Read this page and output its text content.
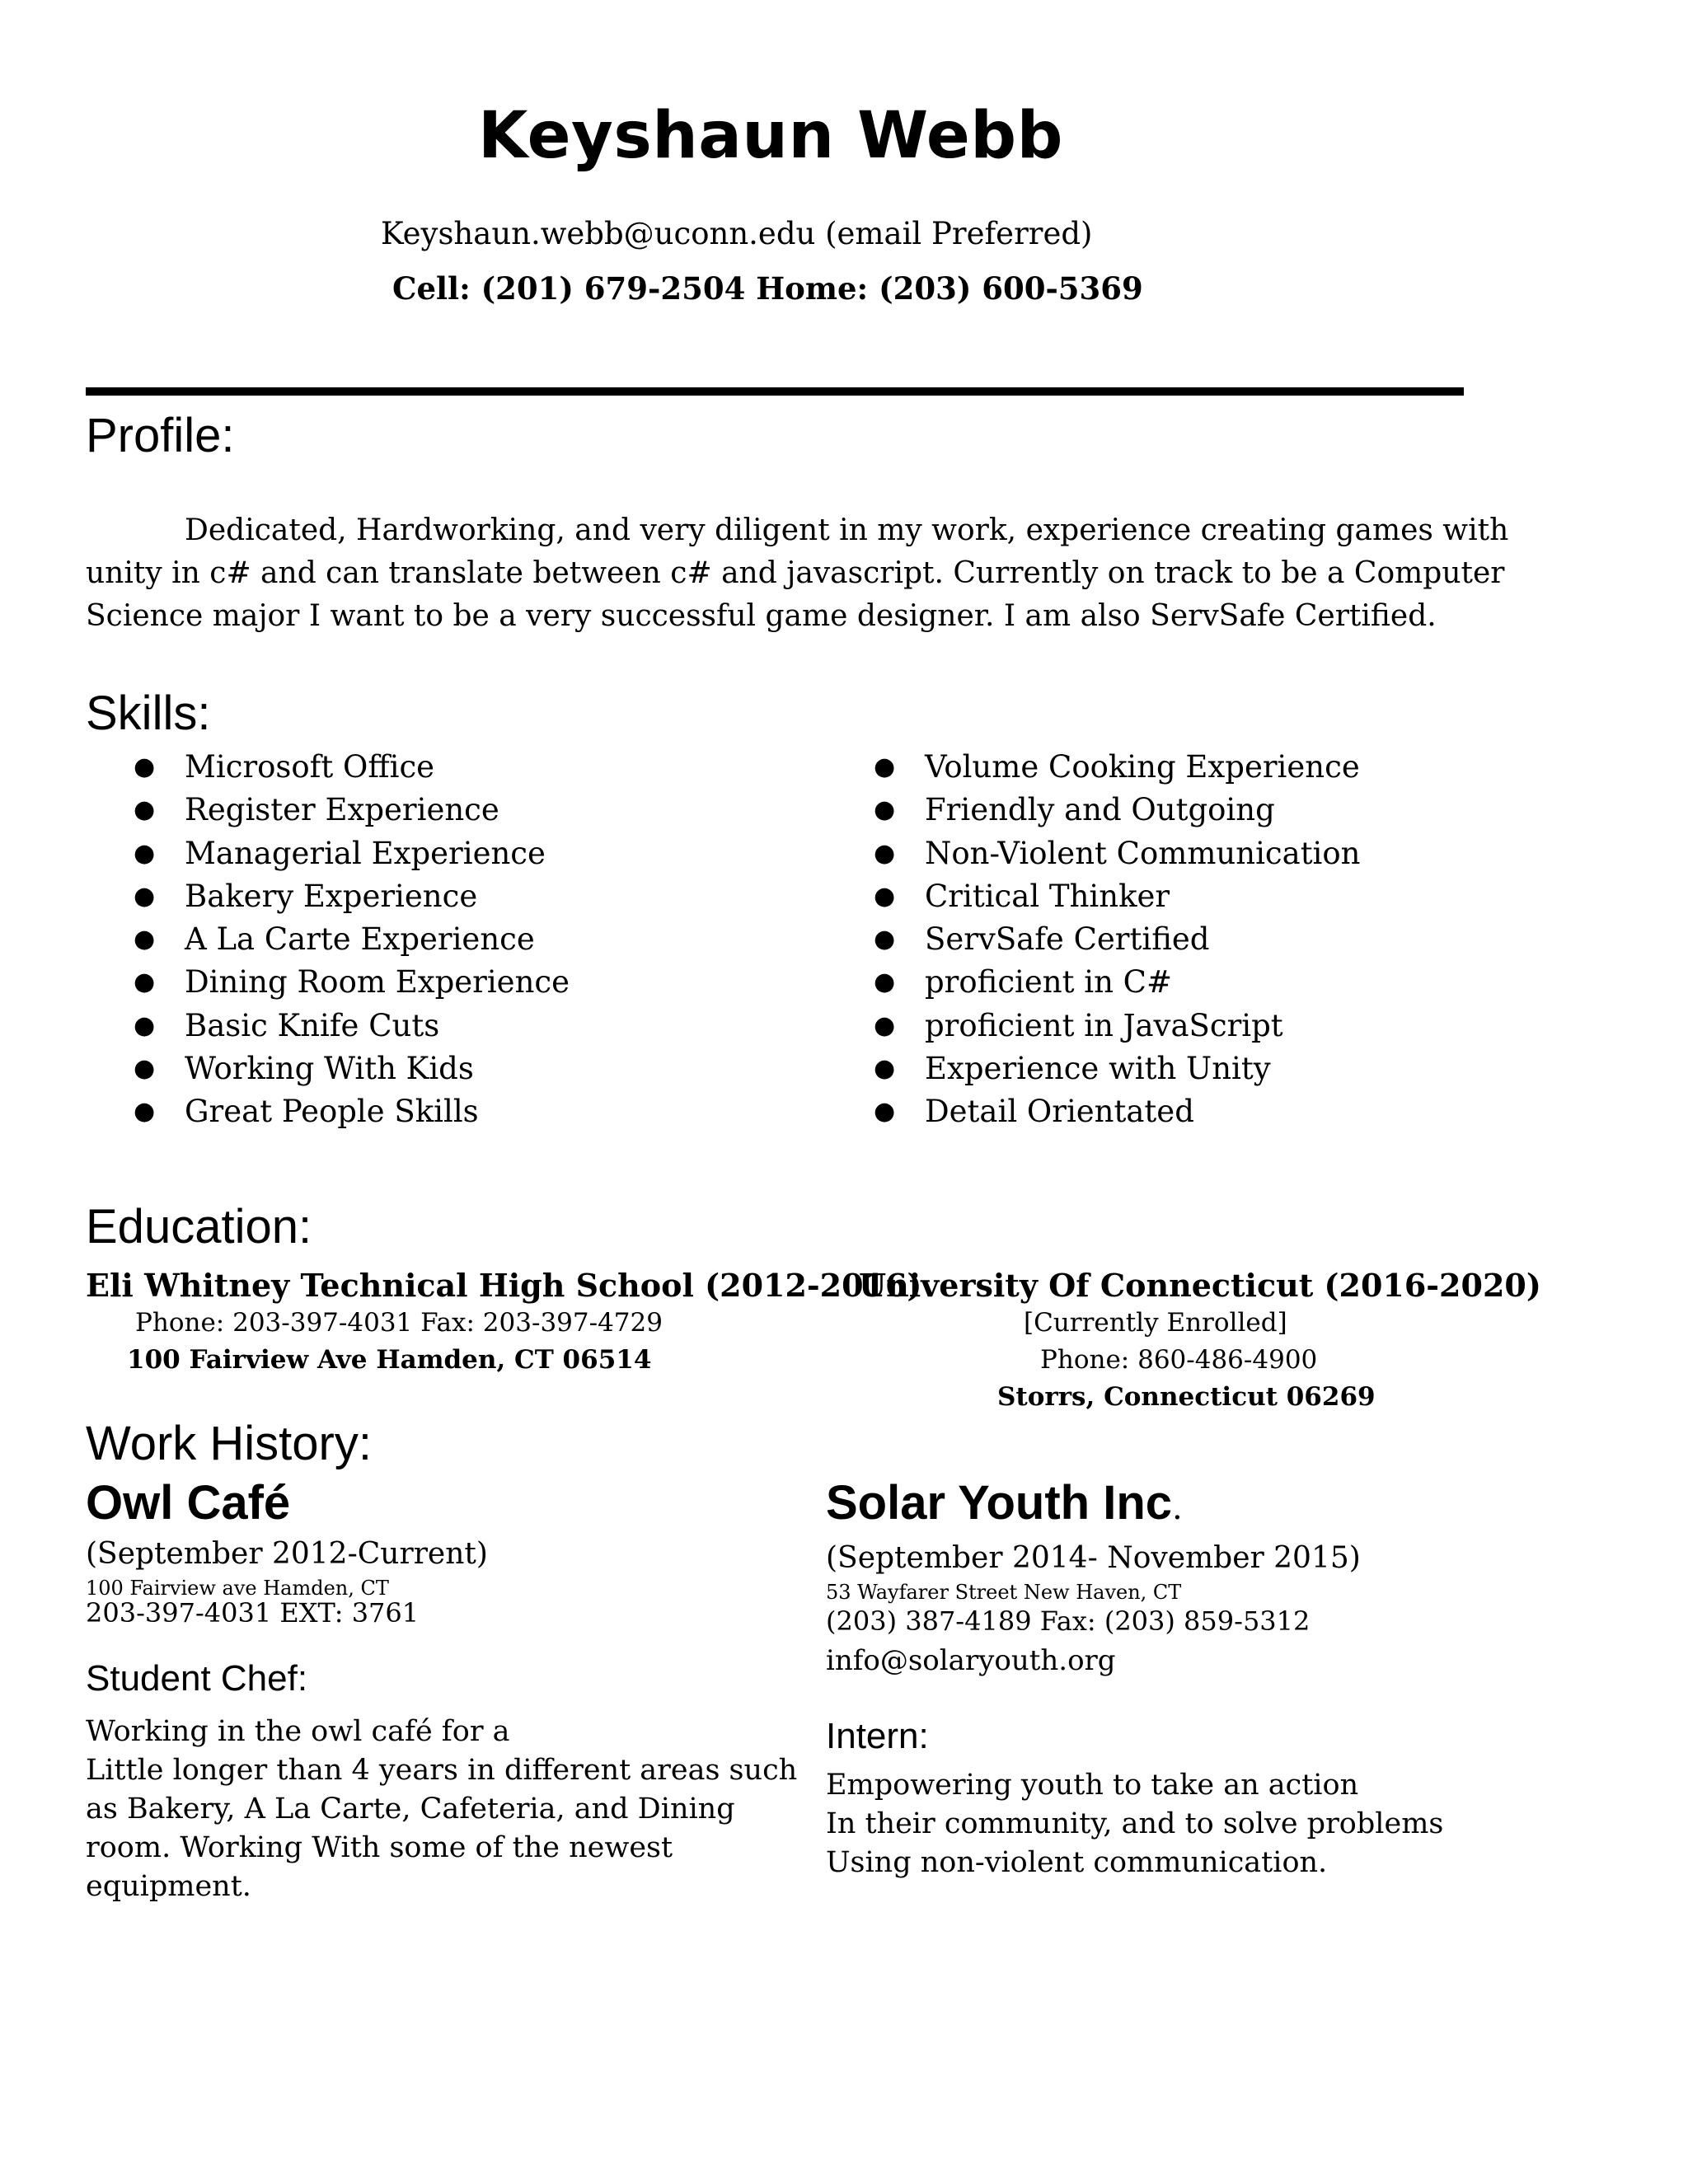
Keyshaun Webb
Keyshaun.webb@uconn.edu (email Preferred)
Cell: (201) 679-2504 Home: (203) 600-5369
Profile:
Dedicated, Hardworking, and very diligent in my work, experience creating games with
unity in c# and can translate between c# and javascript. Currently on track to be a Computer
Science major I want to be a very successful game designer. I am also ServSafe Certified.
Skills:
● Microsoft Office
● Register Experience
● Managerial Experience
● Bakery Experience
● A La Carte Experience
● Dining Room Experience
● Basic Knife Cuts
● Working With Kids
● Great People Skills
● Volume Cooking Experience
● Friendly and Outgoing
● Non-Violent Communication
● Critical Thinker
● ServSafe Certified
● proficient in C#
● proficient in JavaScript
● Experience with Unity
● Detail Orientated
Education:
Eli Whitney Technical High School (2012-2016)
Phone: 203-397-4031 Fax: 203-397-4729
100 Fairview Ave Hamden, CT 06514
University Of Connecticut (2016-2020)
[Currently Enrolled]
Phone: 860-486-4900
Storrs, Connecticut 06269
Work History:
Owl Café
(September 2012-Current)
100 Fairview ave Hamden, CT
203-397-4031 EXT: 3761
Student Chef:
Working in the owl café for a
Little longer than 4 years in different areas such
as Bakery, A La Carte, Cafeteria, and Dining
room. Working With some of the newest
equipment.
Solar Youth Inc.
(September 2014- November 2015)
53 Wayfarer Street New Haven, CT
(203) 387-4189 Fax: (203) 859-5312
info@solaryouth.org
Intern:
Empowering youth to take an action
In their community, and to solve problems
Using non-violent communication.
